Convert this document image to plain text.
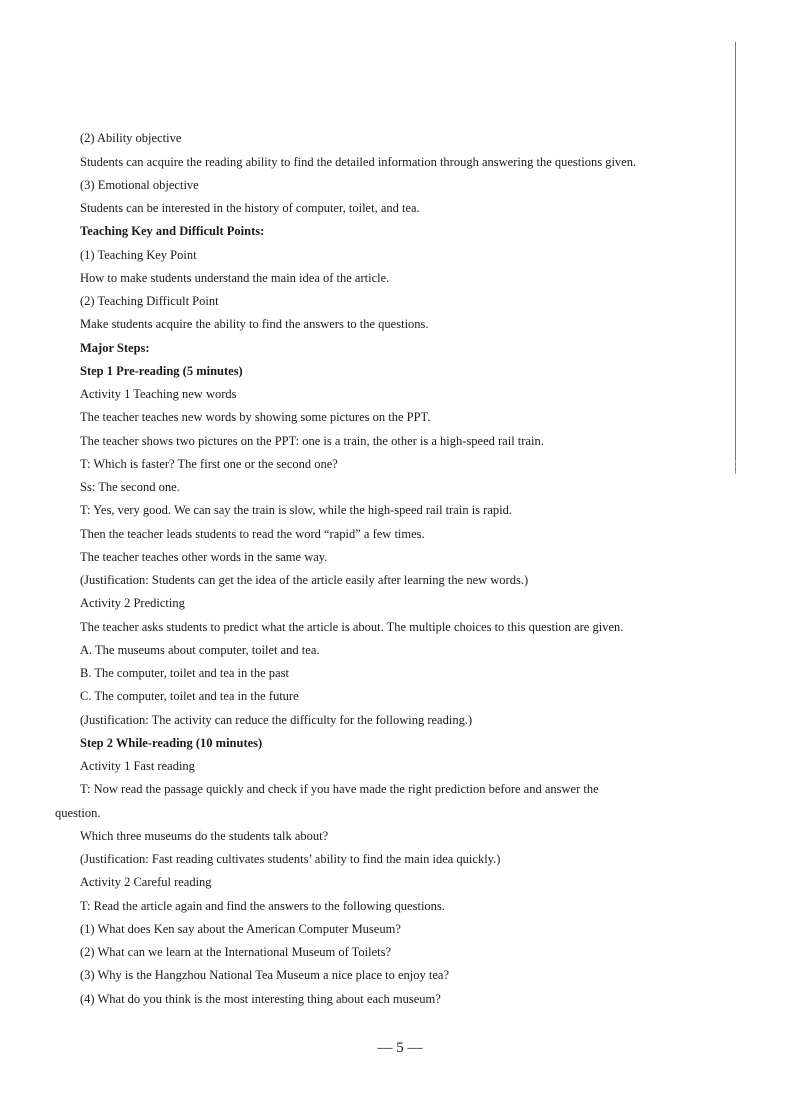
(2) Ability objective
Students can acquire the reading ability to find the detailed information through answering the questions given.
(3) Emotional objective
Students can be interested in the history of computer, toilet, and tea.
Teaching Key and Difficult Points:
(1) Teaching Key Point
How to make students understand the main idea of the article.
(2) Teaching Difficult Point
Make students acquire the ability to find the answers to the questions.
Major Steps:
Step 1 Pre-reading (5 minutes)
Activity 1 Teaching new words
The teacher teaches new words by showing some pictures on the PPT.
The teacher shows two pictures on the PPT: one is a train, the other is a high-speed rail train.
T: Which is faster? The first one or the second one?
Ss: The second one.
T: Yes, very good. We can say the train is slow, while the high-speed rail train is rapid.
Then the teacher leads students to read the word “rapid” a few times.
The teacher teaches other words in the same way.
(Justification: Students can get the idea of the article easily after learning the new words.)
Activity 2 Predicting
The teacher asks students to predict what the article is about. The multiple choices to this question are given.
A. The museums about computer, toilet and tea.
B. The computer, toilet and tea in the past
C. The computer, toilet and tea in the future
(Justification: The activity can reduce the difficulty for the following reading.)
Step 2 While-reading (10 minutes)
Activity 1 Fast reading
T: Now read the passage quickly and check if you have made the right prediction before and answer the
question.
Which three museums do the students talk about?
(Justification: Fast reading cultivates students’ ability to find the main idea quickly.)
Activity 2 Careful reading
T: Read the article again and find the answers to the following questions.
(1) What does Ken say about the American Computer Museum?
(2) What can we learn at the International Museum of Toilets?
(3) Why is the Hangzhou National Tea Museum a nice place to enjoy tea?
(4) What do you think is the most interesting thing about each museum?
— 5 —
